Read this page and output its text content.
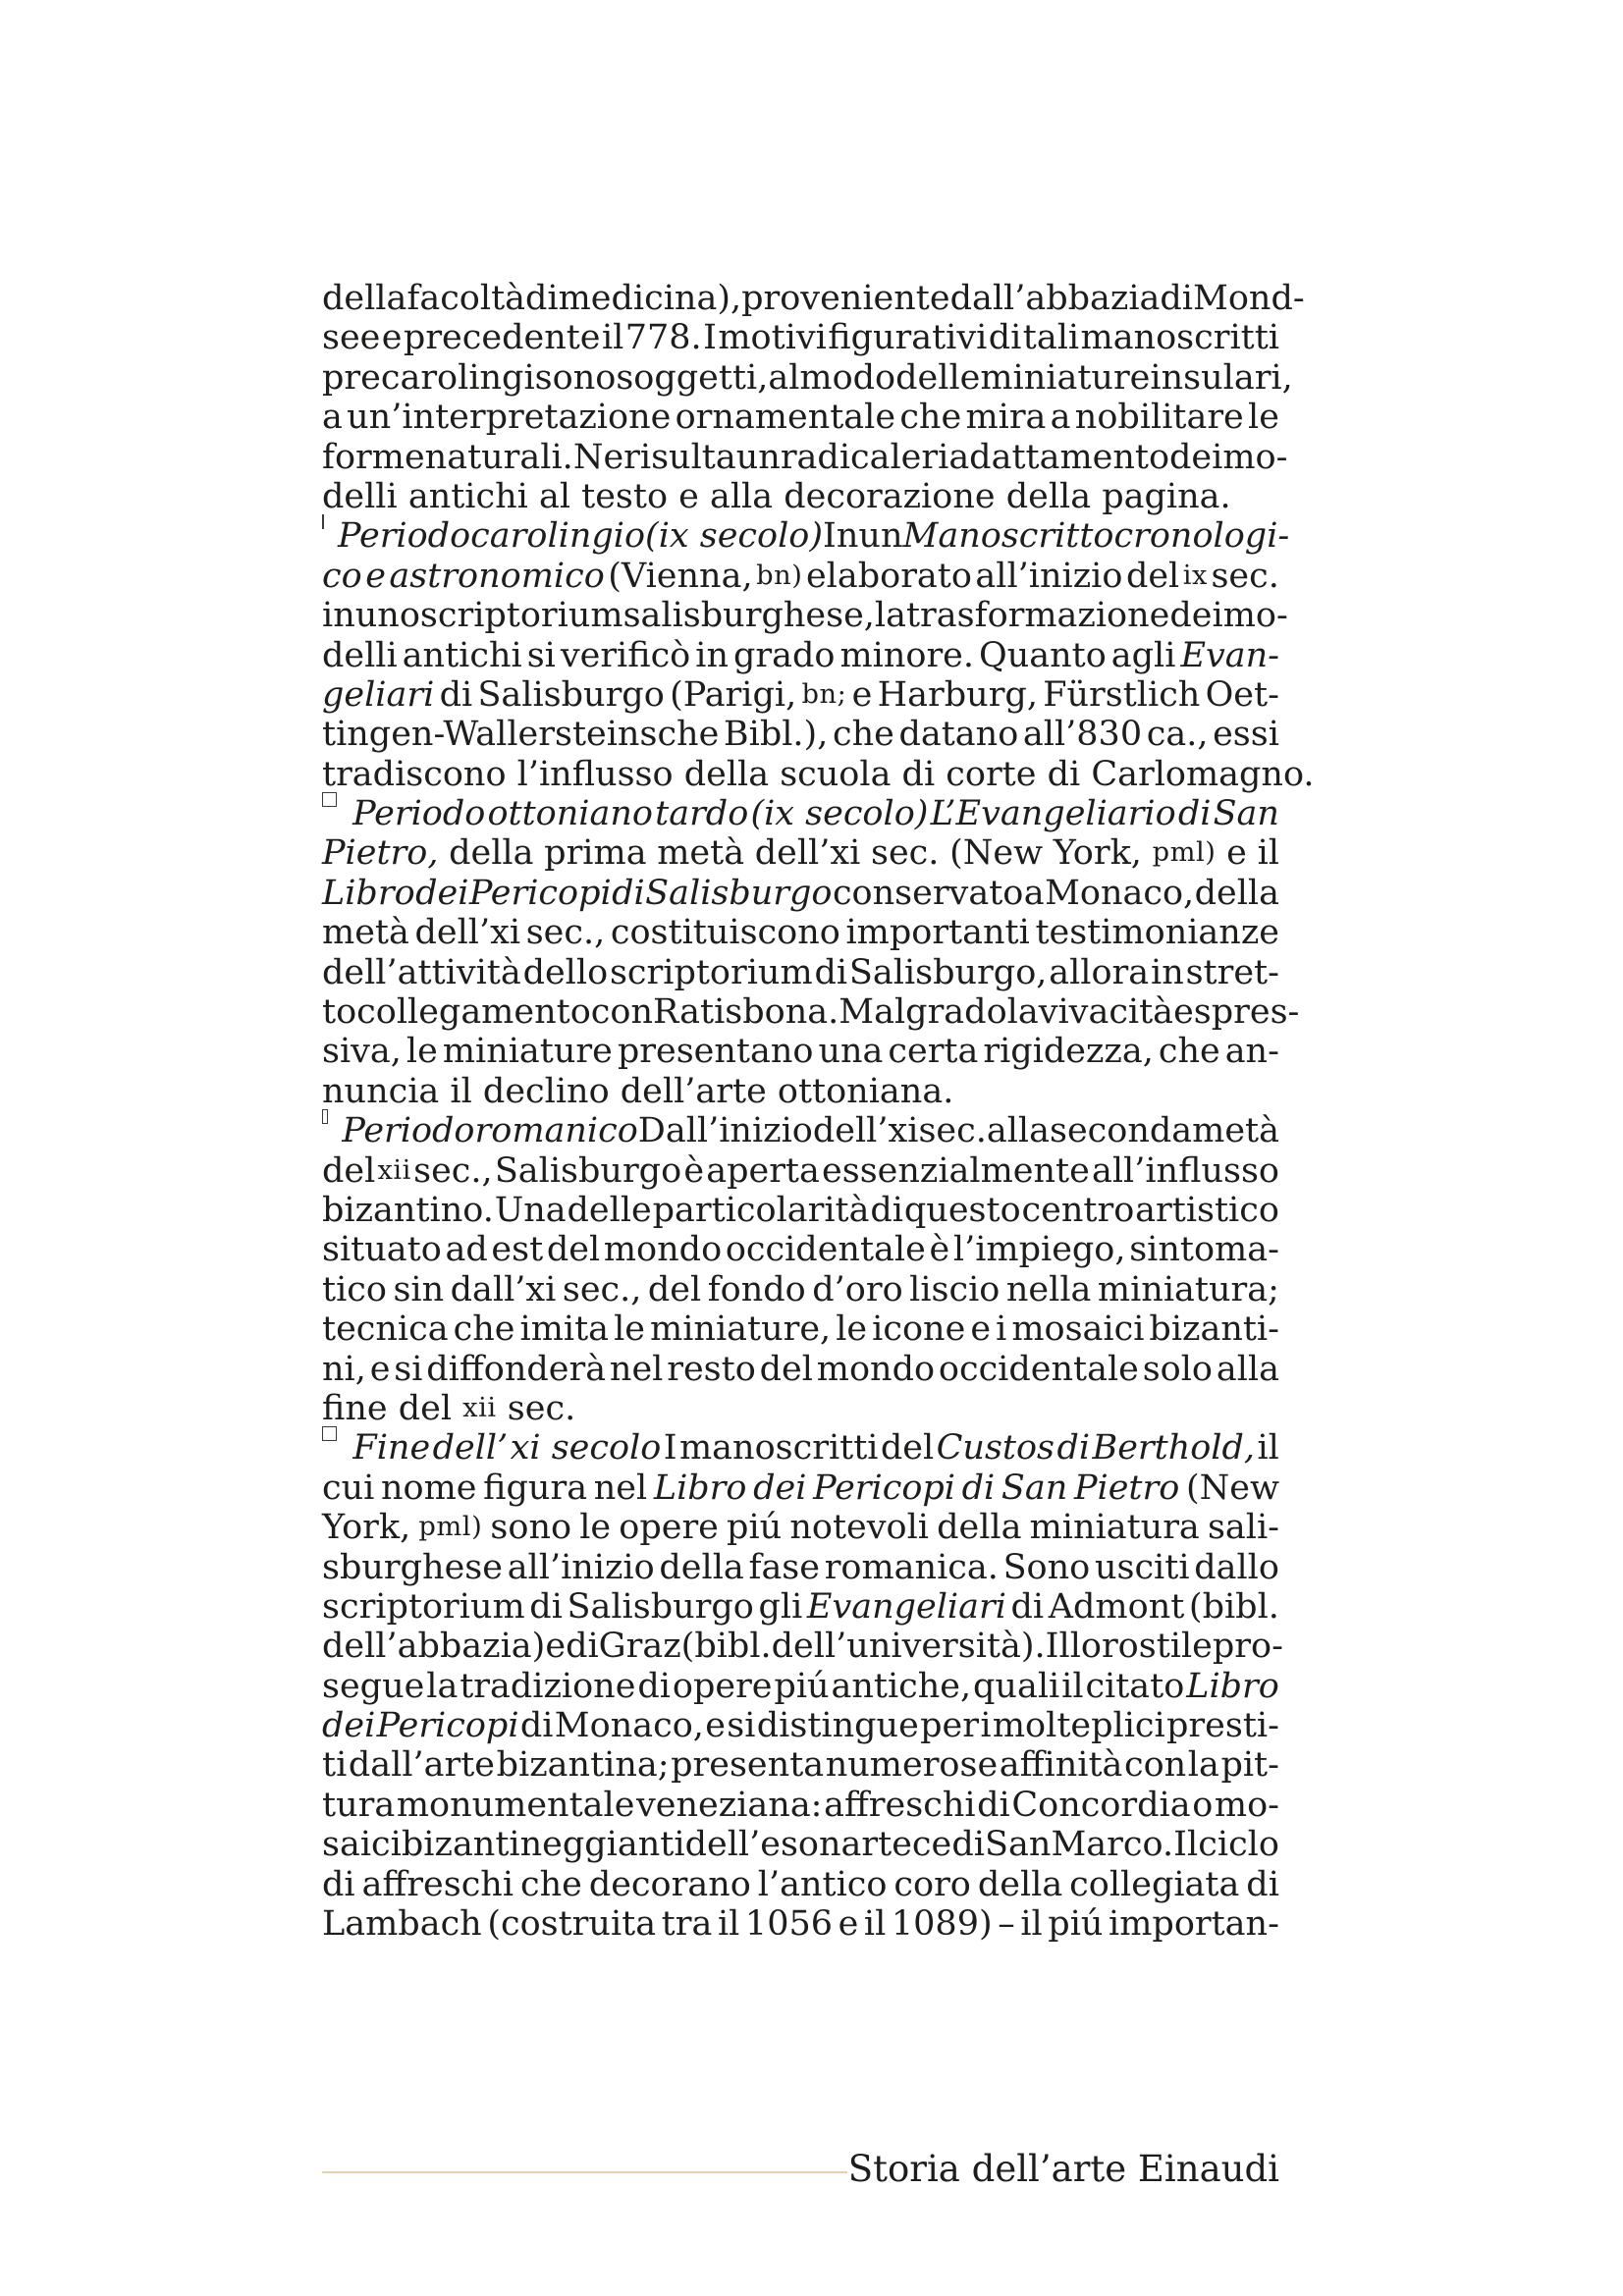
della facoltà di medicina), proveniente dall’abbazia di Mond-
see e precedente il 778. I motivi figurativi di tali manoscritti
precarolingi sono soggetti, al modo delle miniature insulari,
a un’interpretazione ornamentale che mira a nobilitare le
forme naturali. Ne risulta un radicale riadattamento dei mo-
delli antichi al testo e alla decorazione della pagina.
Periodo carolingio (ix secolo) In un Manoscritto cronologi-
co e astronomico (Vienna, bn) elaborato all’inizio del ix sec.
in uno scriptorium salisburghese, la trasformazione dei mo-
delli antichi si verificò in grado minore. Quanto agli Evan-
geliari di Salisburgo (Parigi, bn; e Harburg, Fürstlich Oet-
tingen-Wallersteinsche Bibl.), che datano all’830 ca., essi
tradiscono l’influsso della scuola di corte di Carlomagno.
Periodo ottoniano tardo (ix secolo) L’Evangeliario di San
Pietro, della prima metà dell’xi sec. (New York, pml) e il
Libro dei Pericopi di Salisburgo conservato a Monaco, della
metà dell’xi sec., costituiscono importanti testimonianze
dell’attività dello scriptorium di Salisburgo, allora in stret-
to collegamento con Ratisbona. Malgrado la vivacità espres-
siva, le miniature presentano una certa rigidezza, che an-
nuncia il declino dell’arte ottoniana.
Periodo romanico Dall’inizio dell’xi sec. alla seconda metà
del xii sec., Salisburgo è aperta essenzialmente all’influsso
bizantino. Una delle particolarità di questo centro artistico
situato ad est del mondo occidentale è l’impiego, sintoma-
tico sin dall’xi sec., del fondo d’oro liscio nella miniatura;
tecnica che imita le miniature, le icone e i mosaici bizanti-
ni, e si diffonderà nel resto del mondo occidentale solo alla
fine del xii sec.
Fine dell’ xi secolo I manoscritti del Custos di Berthold, il
cui nome figura nel Libro dei Pericopi di San Pietro (New
York, pml) sono le opere piú notevoli della miniatura sali-
sburghese all’inizio della fase romanica. Sono usciti dallo
scriptorium di Salisburgo gli Evangeliari di Admont (bibl.
dell’abbazia) e di Graz (bibl. dell’università). Il loro stile pro-
segue la tradizione di opere piú antiche, quali il citato Libro
dei Pericopi di Monaco, e si distingue per i molteplici presti-
ti dall’arte bizantina; presenta numerose affinità con la pit-
tura monumentale veneziana: affreschi di Concordia o mo-
saici bizantineggianti dell’esonartece di San Marco. Il ciclo
di affreschi che decorano l’antico coro della collegiata di
Lambach (costruita tra il 1056 e il 1089) – il piú importan-
Storia dell’arte Einaudi
